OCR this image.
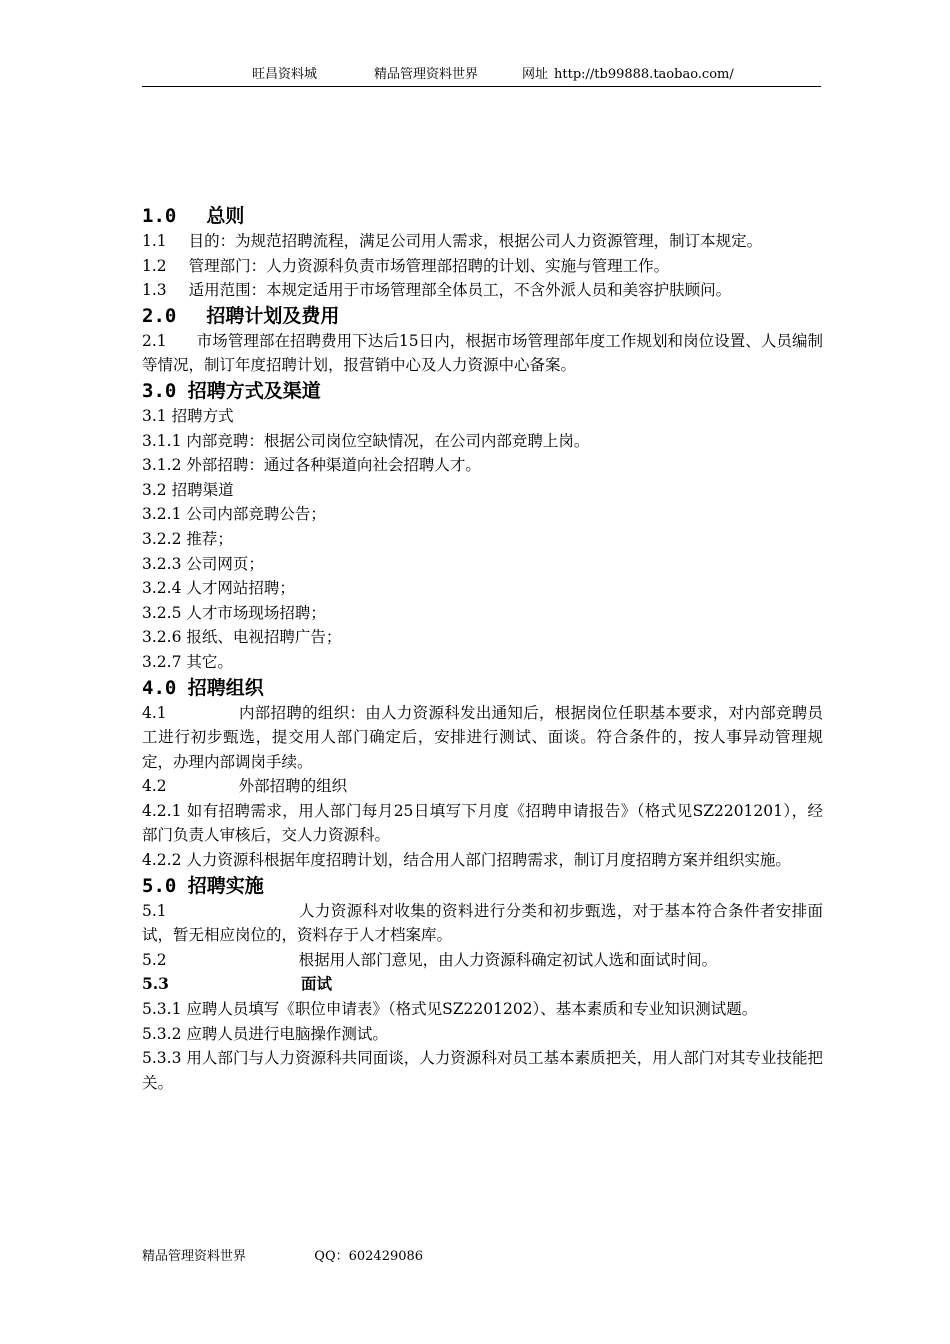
旺昌资料城	精品管理资料世界	网址 http://tb99888.taobao.com/

1.0 总则

1.1 目的：为规范招聘流程，满足公司用人需求，根据公司人力资源管理，制订本规定。

1.2 管理部门：人力资源科负责市场管理部招聘的计划、实施与管理工作。

1.3 适用范围：本规定适用于市场管理部全体员工，不含外派人员和美容护肤顾问。

2.0 招聘计划及费用

2.1 市场管理部在招聘费用下达后15日内，根据市场管理部年度工作规划和岗位设置、人员编制等情况，制订年度招聘计划，报营销中心及人力资源中心备案。

3.0 招聘方式及渠道

3.1 招聘方式

3.1.1 内部竞聘：根据公司岗位空缺情况，在公司内部竞聘上岗。

3.1.2 外部招聘：通过各种渠道向社会招聘人才。

3.2 招聘渠道

3.2.1 公司内部竞聘公告；

3.2.2 推荐；

3.2.3 公司网页；

3.2.4 人才网站招聘；

3.2.5 人才市场现场招聘；

3.2.6 报纸、电视招聘广告；

3.2.7 其它。

4.0 招聘组织

4.1	内部招聘的组织：由人力资源科发出通知后，根据岗位任职基本要求，对内部竞聘员工进行初步甄选，提交用人部门确定后，安排进行测试、面谈。符合条件的，按人事异动管理规定，办理内部调岗手续。

4.2	外部招聘的组织

4.2.1 如有招聘需求，用人部门每月25日填写下月度《招聘申请报告》（格式见SZ2201201），经部门负责人审核后，交人力资源科。

4.2.2 人力资源科根据年度招聘计划，结合用人部门招聘需求，制订月度招聘方案并组织实施。

5.0 招聘实施

5.1	人力资源科对收集的资料进行分类和初步甄选，对于基本符合条件者安排面试，暂无相应岗位的，资料存于人才档案库。

5.2	根据用人部门意见，由人力资源科确定初试人选和面试时间。

5.3	面试

5.3.1 应聘人员填写《职位申请表》（格式见SZ2201202）、基本素质和专业知识测试题。

5.3.2 应聘人员进行电脑操作测试。

5.3.3 用人部门与人力资源科共同面谈，人力资源科对员工基本素质把关，用人部门对其专业技能把关。

精品管理资料世界	QQ：602429086
